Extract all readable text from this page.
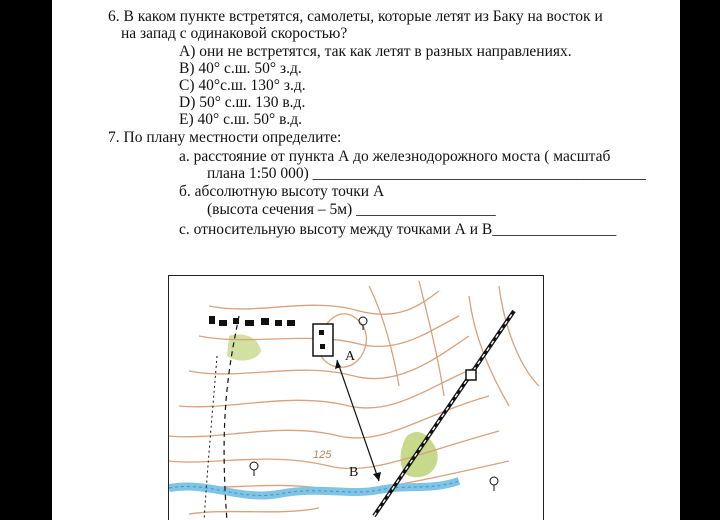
6. В каком пункте встретятся, самолеты, которые летят из Баку на восток и
на запад с одинаковой скоростью?
A) они не встретятся, так как летят в разных направлениях.
B) 40° с.ш. 50° з.д.
C) 40°с.ш. 130° з.д.
D) 50° с.ш. 130 в.д.
E) 40° с.ш. 50° в.д.
7. По плану местности определите:
а. расстояние от пункта А до железнодорожного моста ( масштаб
плана 1:50 000) ___________________________________________
б. абсолютную высоту точки А
(высота сечения – 5м) __________________
с. относительную высоту между точками А и В________________
A
B
125
